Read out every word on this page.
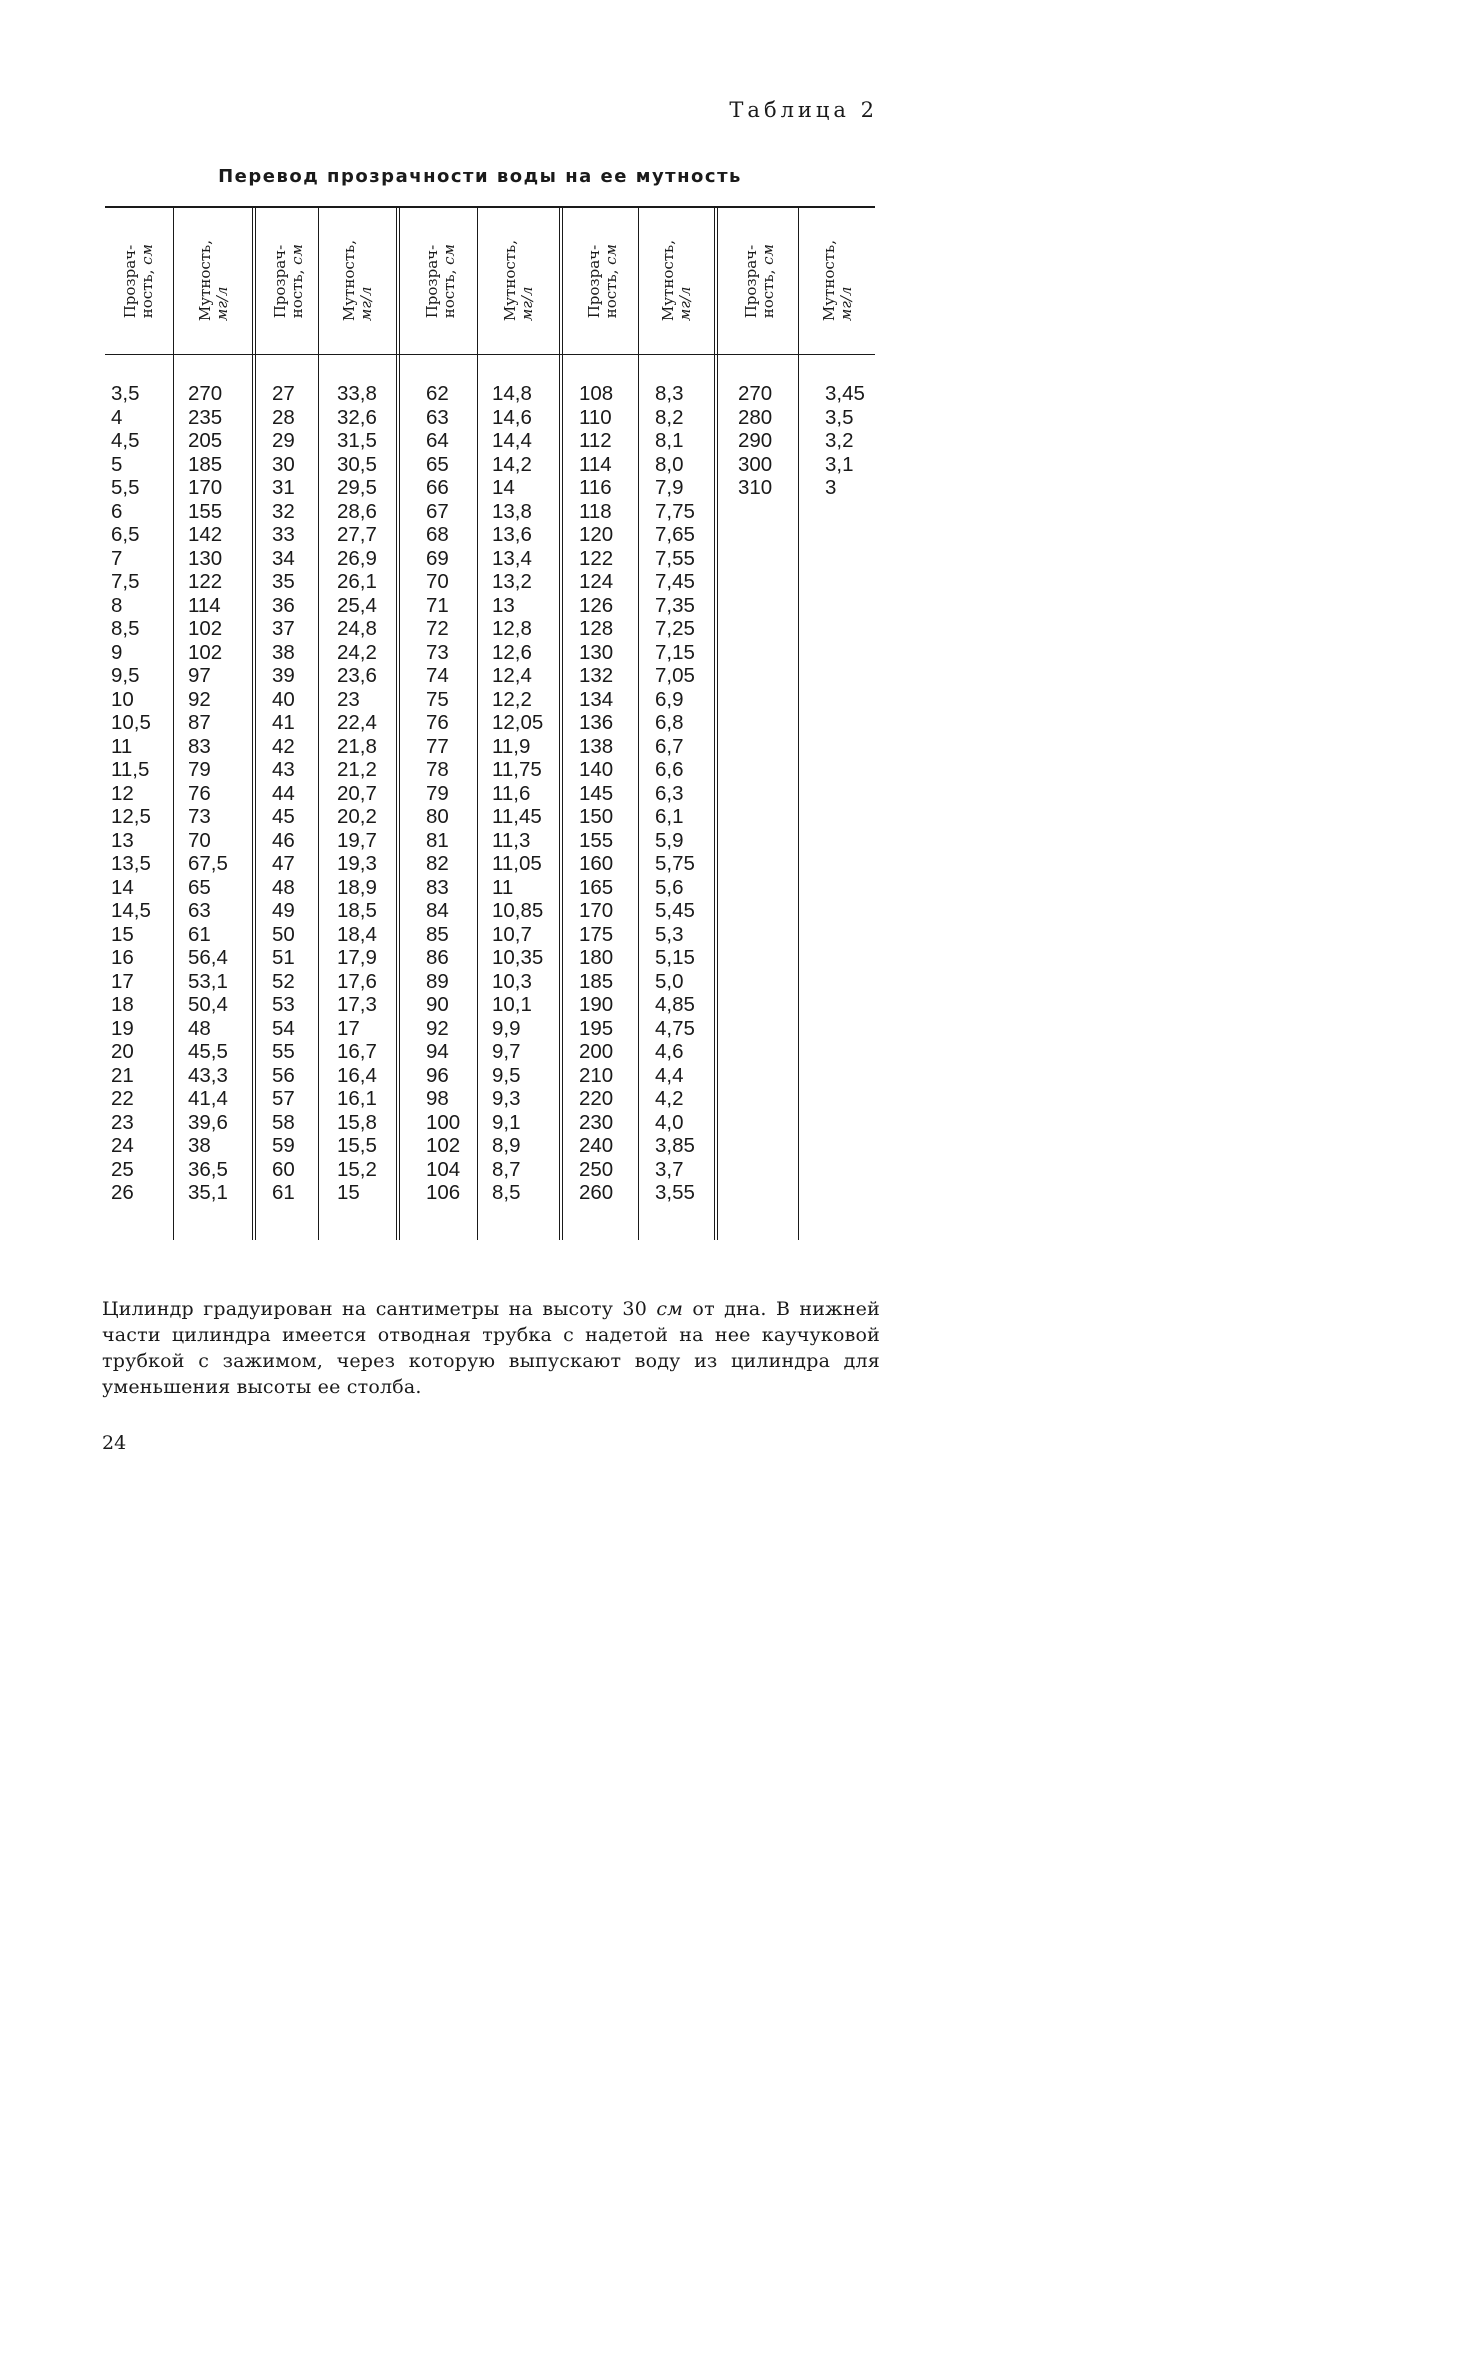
Таблица 2
Перевод прозрачности воды на ее мутность
Прозрач-
ность, см
3,5
4
4,5
5
5,5
6
6,5
7
7,5
8
8,5
9
9,5
10
10,5
11
11,5
12
12,5
13
13,5
14
14,5
15
16
17
18
19
20
21
22
23
24
25
26
Мутность,
мг/л
270
235
205
185
170
155
142
130
122
114
102
102
97
92
87
83
79
76
73
70
67,5
65
63
61
56,4
53,1
50,4
48
45,5
43,3
41,4
39,6
38
36,5
35,1
Прозрач-
ность, см
27
28
29
30
31
32
33
34
35
36
37
38
39
40
41
42
43
44
45
46
47
48
49
50
51
52
53
54
55
56
57
58
59
60
61
Мутность,
мг/л
33,8
32,6
31,5
30,5
29,5
28,6
27,7
26,9
26,1
25,4
24,8
24,2
23,6
23
22,4
21,8
21,2
20,7
20,2
19,7
19,3
18,9
18,5
18,4
17,9
17,6
17,3
17
16,7
16,4
16,1
15,8
15,5
15,2
15
Прозрач-
ность, см
62
63
64
65
66
67
68
69
70
71
72
73
74
75
76
77
78
79
80
81
82
83
84
85
86
89
90
92
94
96
98
100
102
104
106
Мутность,
мг/л
14,8
14,6
14,4
14,2
14
13,8
13,6
13,4
13,2
13
12,8
12,6
12,4
12,2
12,05
11,9
11,75
11,6
11,45
11,3
11,05
11
10,85
10,7
10,35
10,3
10,1
9,9
9,7
9,5
9,3
9,1
8,9
8,7
8,5
Прозрач-
ность, см
108
110
112
114
116
118
120
122
124
126
128
130
132
134
136
138
140
145
150
155
160
165
170
175
180
185
190
195
200
210
220
230
240
250
260
Мутность,
мг/л
8,3
8,2
8,1
8,0
7,9
7,75
7,65
7,55
7,45
7,35
7,25
7,15
7,05
6,9
6,8
6,7
6,6
6,3
6,1
5,9
5,75
5,6
5,45
5,3
5,15
5,0
4,85
4,75
4,6
4,4
4,2
4,0
3,85
3,7
3,55
Прозрач-
ность, см
270
280
290
300
310
Мутность,
мг/л
3,45
3,5
3,2
3,1
3
Цилиндр градуирован на сантиметры на высоту 30 см от дна. В нижней части цилиндра имеется отводная трубка с надетой на нее каучуковой трубкой с зажимом, через которую выпускают воду из цилиндра для уменьшения высоты ее столба.
24
